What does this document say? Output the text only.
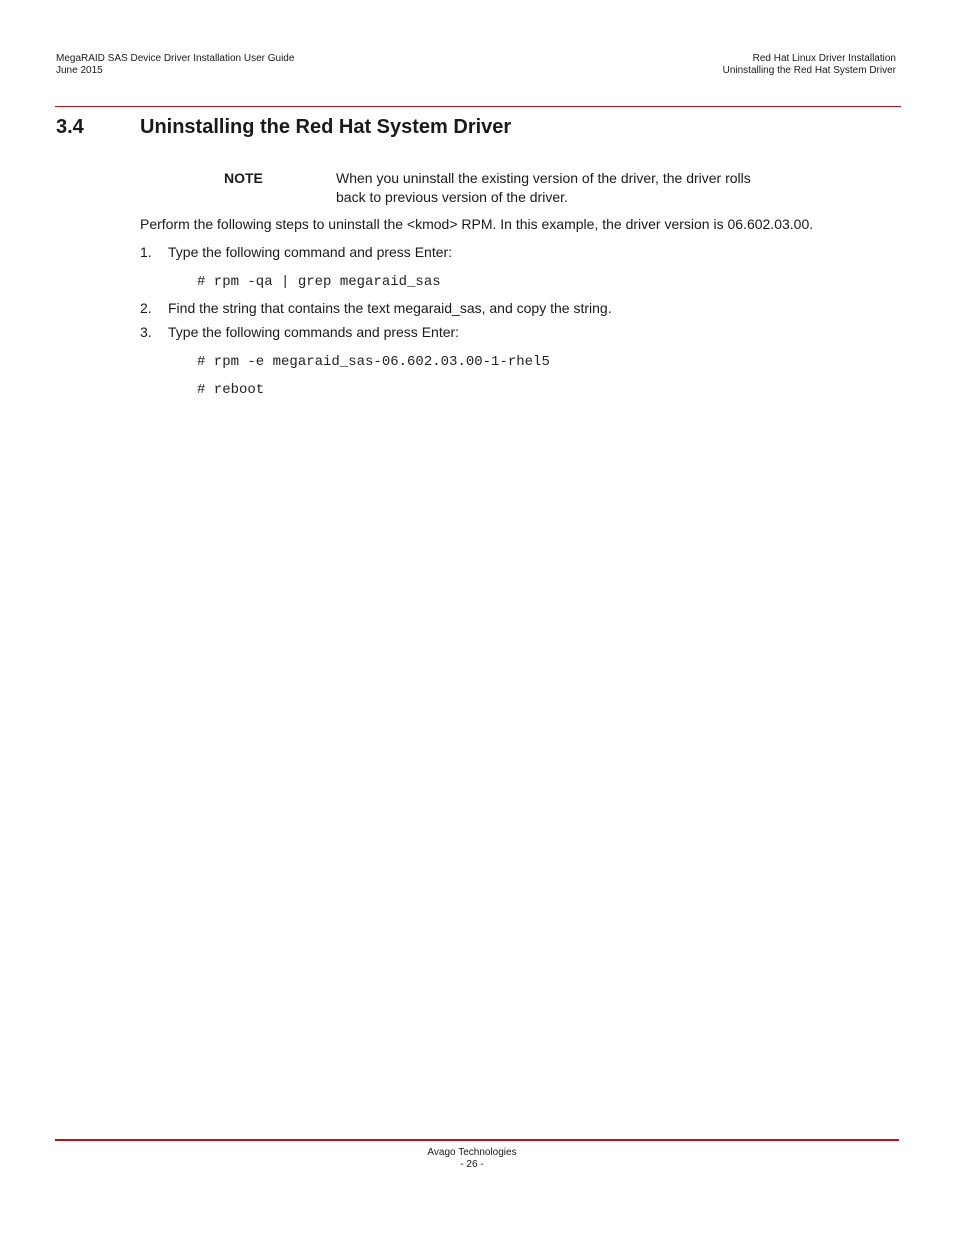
MegaRAID SAS Device Driver Installation User Guide
June 2015
Red Hat Linux Driver Installation
Uninstalling the Red Hat System Driver
3.4	Uninstalling the Red Hat System Driver
NOTE	When you uninstall the existing version of the driver, the driver rolls
back to previous version of the driver.
Perform the following steps to uninstall the <kmod> RPM. In this example, the driver version is 06.602.03.00.
1. Type the following command and press Enter:
# rpm -qa | grep megaraid_sas
2. Find the string that contains the text megaraid_sas, and copy the string.
3. Type the following commands and press Enter:
# rpm -e megaraid_sas-06.602.03.00-1-rhel5
# reboot
Avago Technologies
- 26 -
